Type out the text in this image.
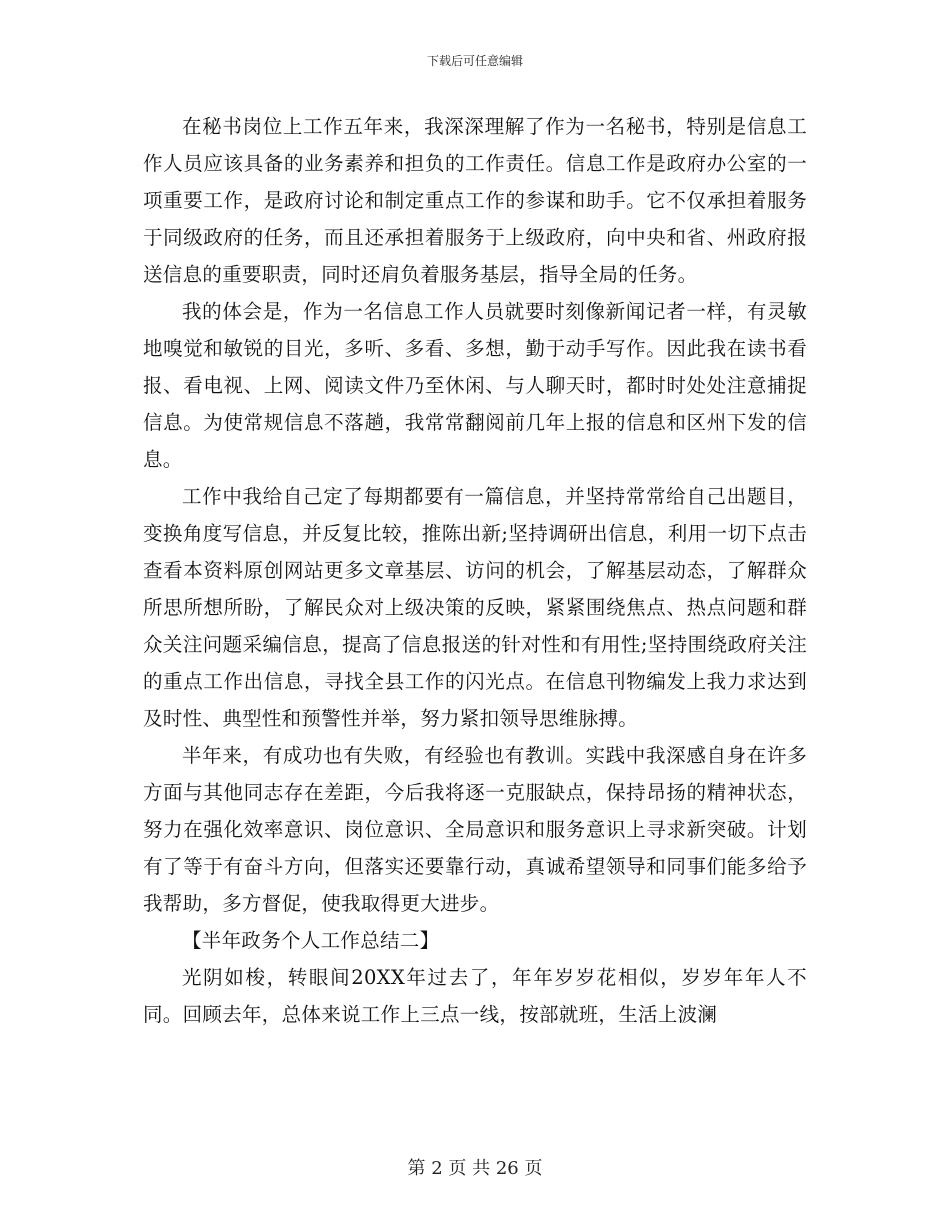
下载后可任意编辑

在秘书岗位上工作五年来，我深深理解了作为一名秘书，特别是信息工作人员应该具备的业务素养和担负的工作责任。信息工作是政府办公室的一项重要工作，是政府讨论和制定重点工作的参谋和助手。它不仅承担着服务于同级政府的任务，而且还承担着服务于上级政府，向中央和省、州政府报送信息的重要职责，同时还肩负着服务基层，指导全局的任务。

我的体会是，作为一名信息工作人员就要时刻像新闻记者一样，有灵敏地嗅觉和敏锐的目光，多听、多看、多想，勤于动手写作。因此我在读书看报、看电视、上网、阅读文件乃至休闲、与人聊天时，都时时处处注意捕捉信息。为使常规信息不落趟，我常常翻阅前几年上报的信息和区州下发的信息。

工作中我给自己定了每期都要有一篇信息，并坚持常常给自己出题目，变换角度写信息，并反复比较，推陈出新;坚持调研出信息，利用一切下点击查看本资料原创网站更多文章基层、访问的机会，了解基层动态，了解群众所思所想所盼，了解民众对上级决策的反映，紧紧围绕焦点、热点问题和群众关注问题采编信息，提高了信息报送的针对性和有用性;坚持围绕政府关注的重点工作出信息，寻找全县工作的闪光点。在信息刊物编发上我力求达到及时性、典型性和预警性并举，努力紧扣领导思维脉搏。

半年来，有成功也有失败，有经验也有教训。实践中我深感自身在许多方面与其他同志存在差距，今后我将逐一克服缺点，保持昂扬的精神状态，努力在强化效率意识、岗位意识、全局意识和服务意识上寻求新突破。计划有了等于有奋斗方向，但落实还要靠行动，真诚希望领导和同事们能多给予我帮助，多方督促，使我取得更大进步。

【半年政务个人工作总结二】

光阴如梭，转眼间20XX年过去了，年年岁岁花相似，岁岁年年人不同。回顾去年，总体来说工作上三点一线，按部就班，生活上波澜

第 2 页 共 26 页
